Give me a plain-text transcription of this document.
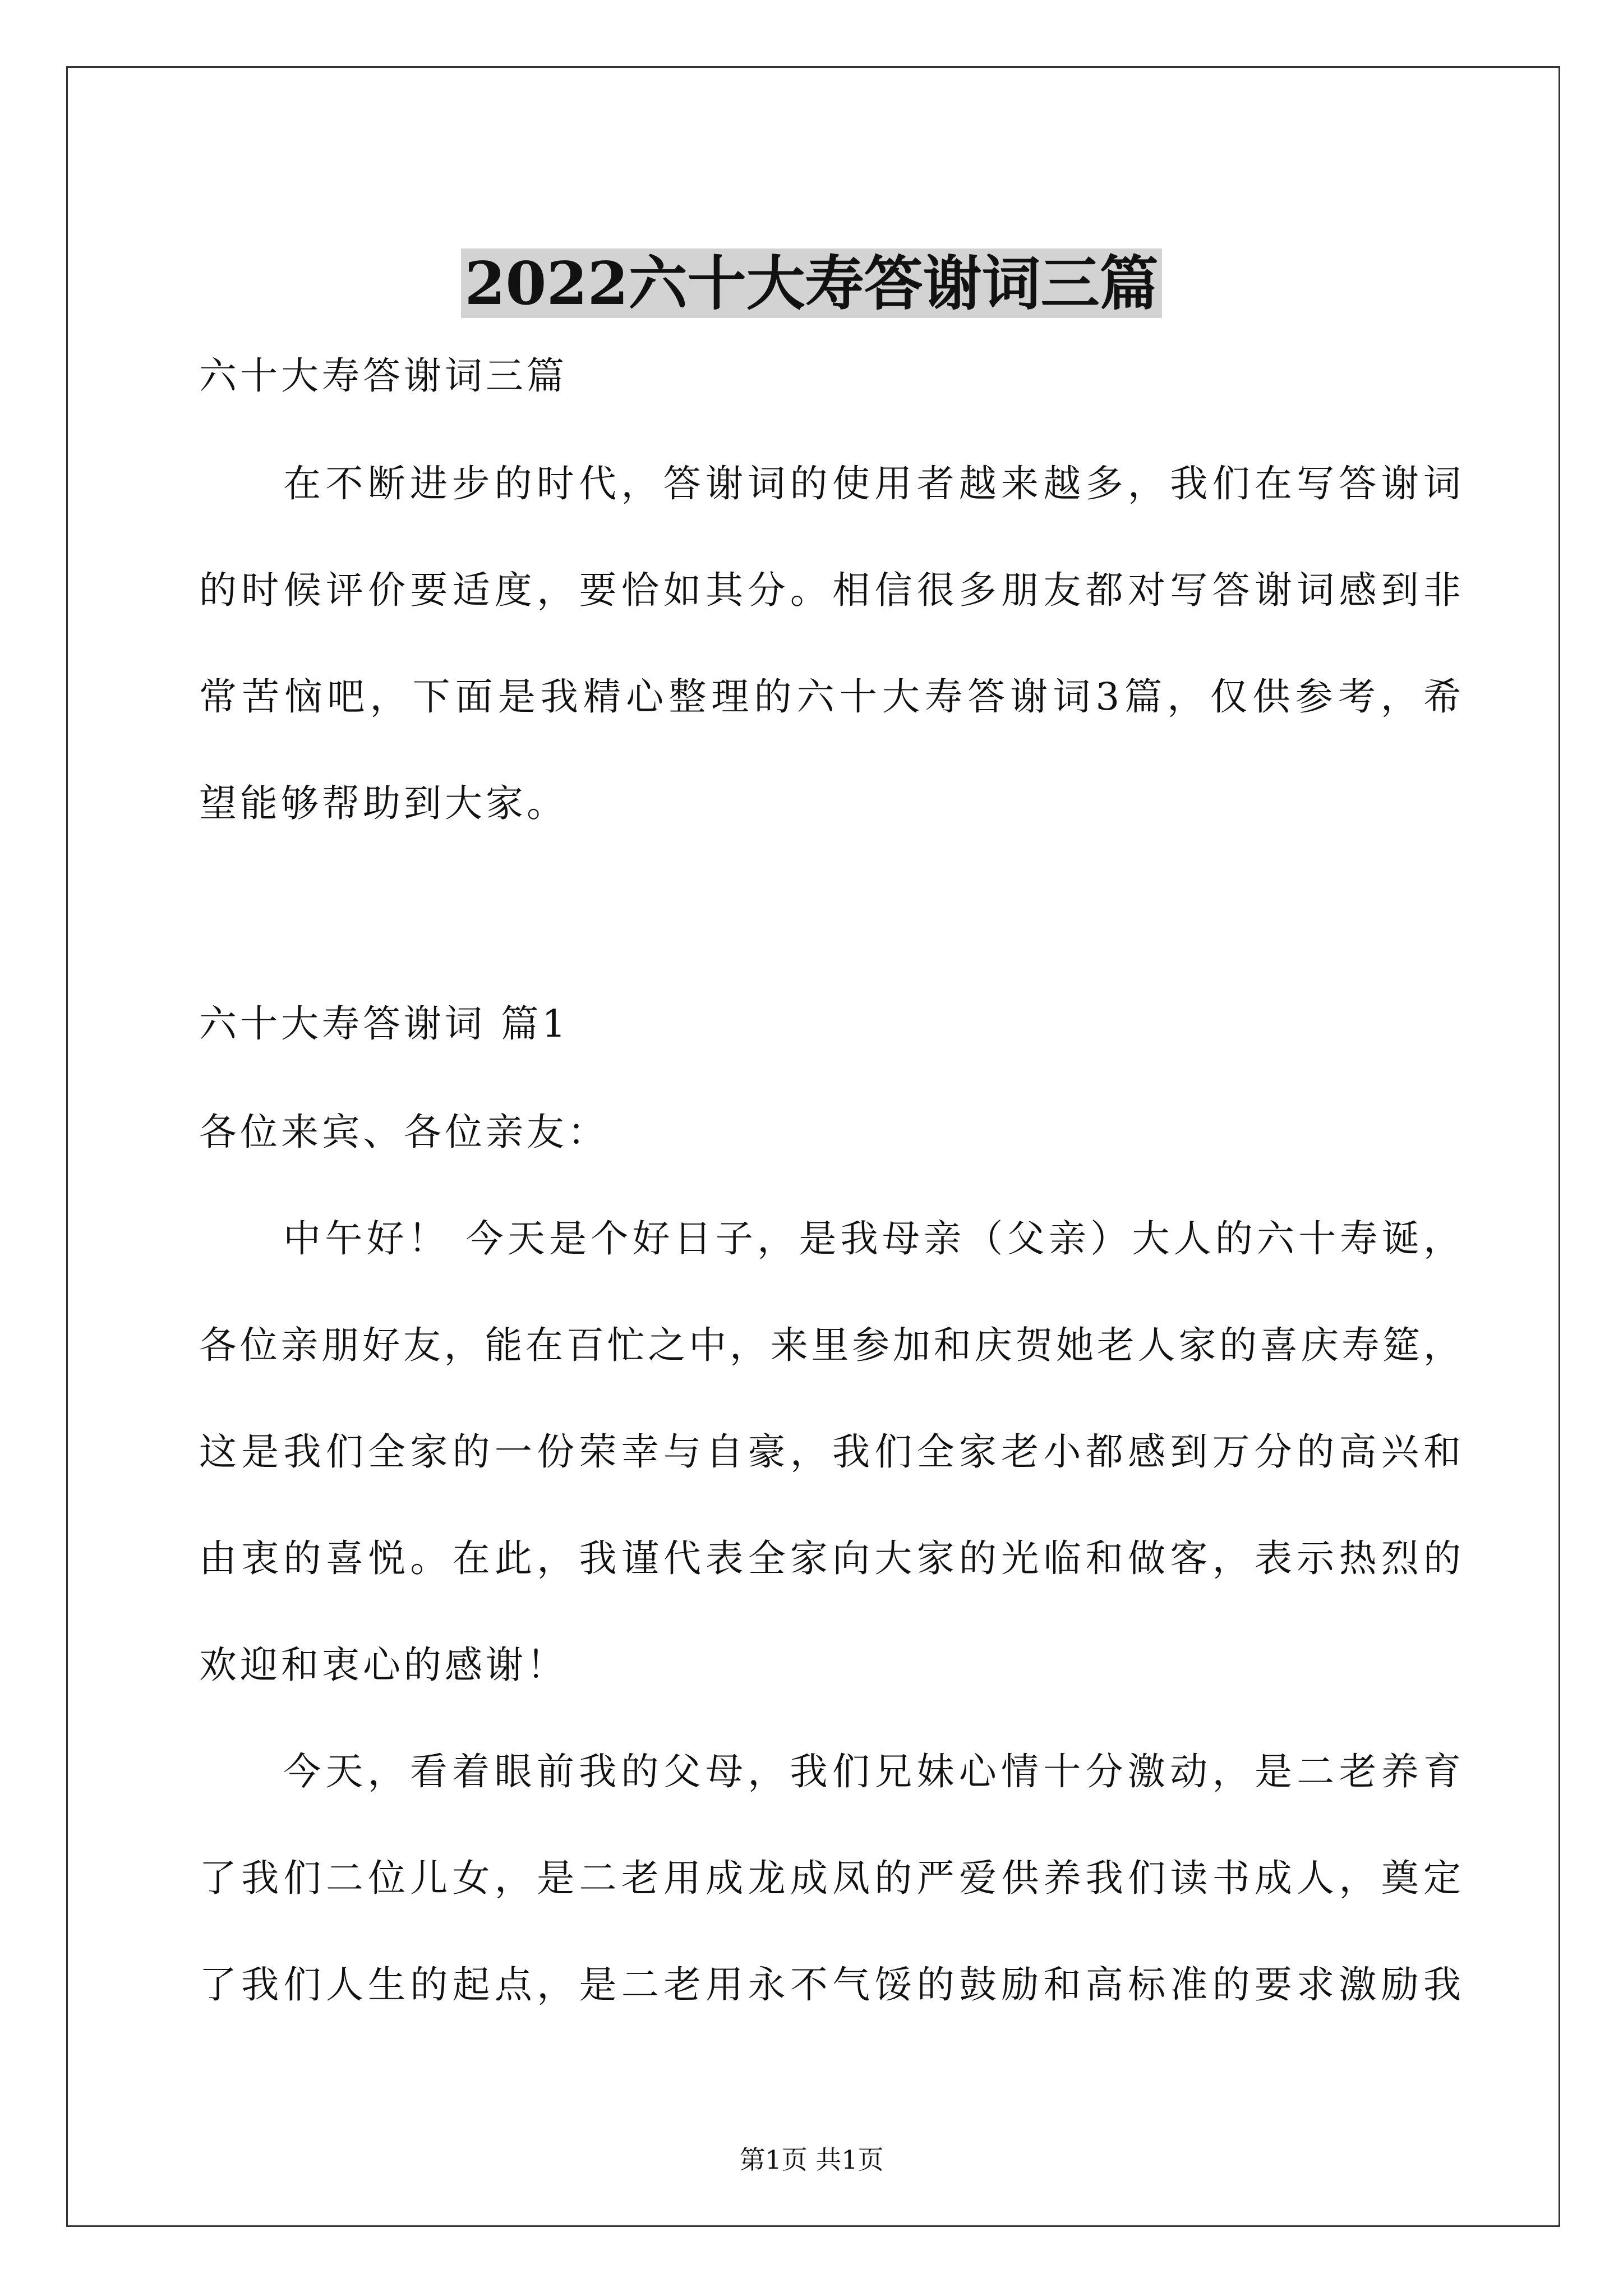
2022六十大寿答谢词三篇

六十大寿答谢词三篇

在不断进步的时代，答谢词的使用者越来越多，我们在写答谢词

的时候评价要适度，要恰如其分。相信很多朋友都对写答谢词感到非

常苦恼吧，下面是我精心整理的六十大寿答谢词3篇，仅供参考，希

望能够帮助到大家。

六十大寿答谢词 篇1

各位来宾、各位亲友：

中午好！ 今天是个好日子，是我母亲（父亲）大人的六十寿诞，

各位亲朋好友，能在百忙之中，来里参加和庆贺她老人家的喜庆寿筵，

这是我们全家的一份荣幸与自豪，我们全家老小都感到万分的高兴和

由衷的喜悦。在此，我谨代表全家向大家的光临和做客，表示热烈的

欢迎和衷心的感谢！

今天，看着眼前我的父母，我们兄妹心情十分激动，是二老养育

了我们二位儿女，是二老用成龙成凤的严爱供养我们读书成人，奠定

了我们人生的起点，是二老用永不气馁的鼓励和高标准的要求激励我

第1页 共1页
